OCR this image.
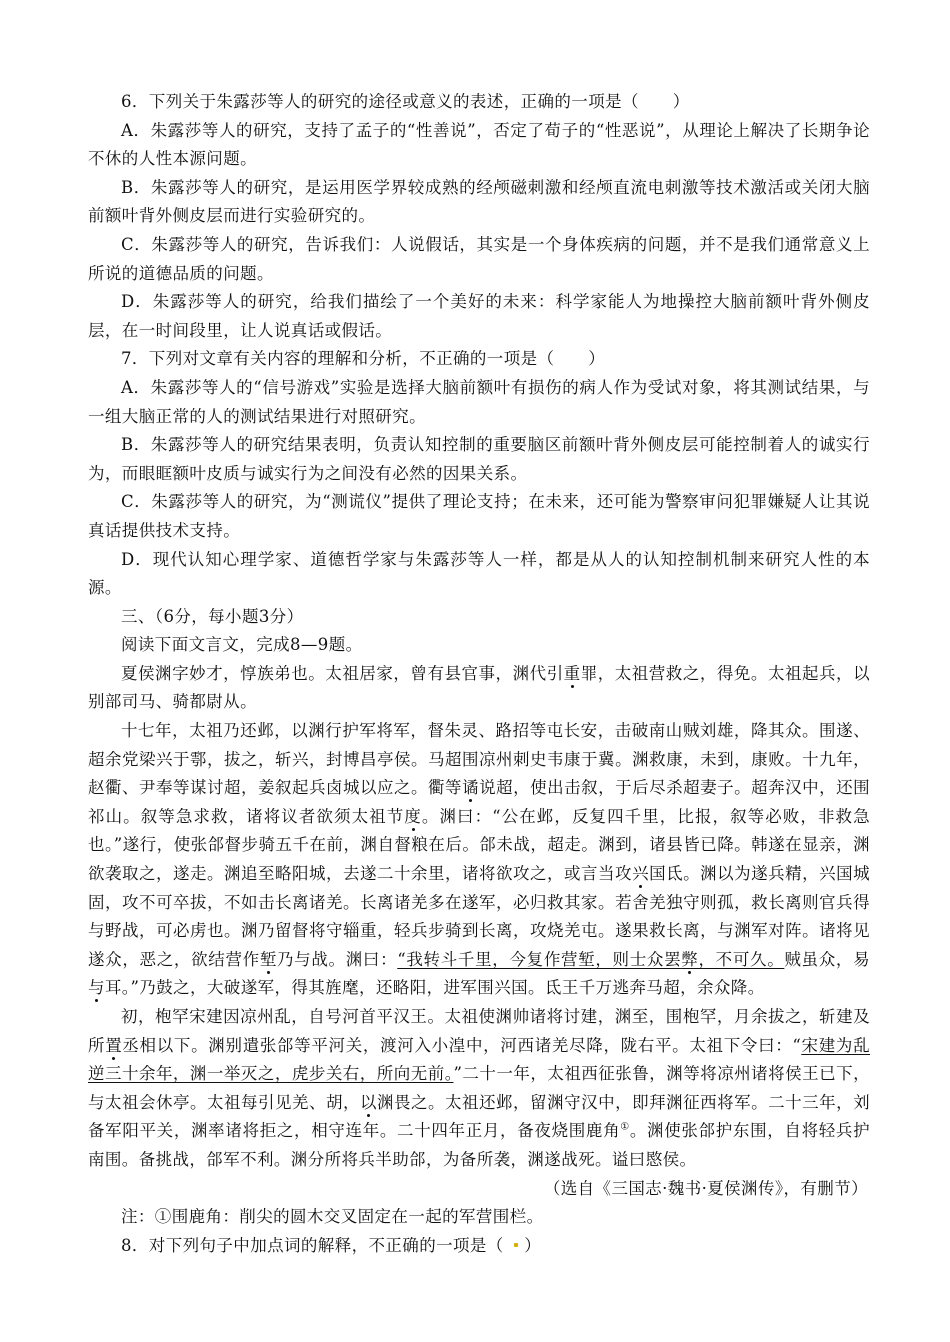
6．下列关于朱露莎等人的研究的途径或意义的表述，正确的一项是（　　）

A．朱露莎等人的研究，支持了孟子的“性善说”，否定了荀子的“性恶说”，从理论上解决了长期争论不休的人性本源问题。

B．朱露莎等人的研究，是运用医学界较成熟的经颅磁刺激和经颅直流电刺激等技术激活或关闭大脑前额叶背外侧皮层而进行实验研究的。

C．朱露莎等人的研究，告诉我们：人说假话，其实是一个身体疾病的问题，并不是我们通常意义上所说的道德品质的问题。

D．朱露莎等人的研究，给我们描绘了一个美好的未来：科学家能人为地操控大脑前额叶背外侧皮层，在一时间段里，让人说真话或假话。

7．下列对文章有关内容的理解和分析，不正确的一项是（　　）

A．朱露莎等人的“信号游戏”实验是选择大脑前额叶有损伤的病人作为受试对象，将其测试结果，与一组大脑正常的人的测试结果进行对照研究。

B．朱露莎等人的研究结果表明，负责认知控制的重要脑区前额叶背外侧皮层可能控制着人的诚实行为，而眼眶额叶皮质与诚实行为之间没有必然的因果关系。

C．朱露莎等人的研究，为“测谎仪”提供了理论支持；在未来，还可能为警察审问犯罪嫌疑人让其说真话提供技术支持。

D．现代认知心理学家、道德哲学家与朱露莎等人一样，都是从人的认知控制机制来研究人性的本源。

三、（6分，每小题3分）

阅读下面文言文，完成8—9题。

夏侯渊字妙才，惇族弟也。太祖居家，曾有县官事，渊代引重罪，太祖营救之，得免。太祖起兵，以别部司马、骑都尉从。

十七年，太祖乃还邺，以渊行护军将军，督朱灵、路招等屯长安，击破南山贼刘雄，降其众。围遂、超余党梁兴于鄠，拔之，斩兴，封博昌亭侯。马超围凉州刺史韦康于冀。渊救康，未到，康败。十九年，赵衢、尹奉等谋讨超，姜叙起兵卤城以应之。衢等谲说超，使出击叙，于后尽杀超妻子。超奔汉中，还围祁山。叙等急求救，诸将议者欲须太祖节度。渊曰：“公在邺，反复四千里，比报，叙等必败，非救急也。”遂行，使张郃督步骑五千在前，渊自督粮在后。郃未战，超走。渊到，诸县皆已降。韩遂在显亲，渊欲袭取之，遂走。渊追至略阳城，去遂二十余里，诸将欲攻之，或言当攻兴国氐。渊以为遂兵精，兴国城固，攻不可卒拔，不如击长离诸羌。长离诸羌多在遂军，必归救其家。若舍羌独守则孤，救长离则官兵得与野战，可必虏也。渊乃留督将守辎重，轻兵步骑到长离，攻烧羌屯。遂果救长离，与渊军对阵。诸将见遂众，恶之，欲结营作堑乃与战。渊曰：“我转斗千里，今复作营堑，则士众罢弊，不可久。贼虽众，易与耳。”乃鼓之，大破遂军，得其旌麾，还略阳，进军围兴国。氐王千万逃奔马超，余众降。

初，枹罕宋建因凉州乱，自号河首平汉王。太祖使渊帅诸将讨建，渊至，围枹罕，月余拔之，斩建及所置丞相以下。渊别遣张郃等平河关，渡河入小湟中，河西诸羌尽降，陇右平。太祖下令曰：“宋建为乱逆三十余年，渊一举灭之，虎步关右，所向无前。”二十一年，太祖西征张鲁，渊等将凉州诸将侯王已下，与太祖会休亭。太祖每引见羌、胡，以渊畏之。太祖还邺，留渊守汉中，即拜渊征西将军。二十三年，刘备军阳平关，渊率诸将拒之，相守连年。二十四年正月，备夜烧围鹿角①。渊使张郃护东围，自将轻兵护南围。备挑战，郃军不利。渊分所将兵半助郃，为备所袭，渊遂战死。谥曰愍侯。

（选自《三国志·魏书·夏侯渊传》，有删节）

注：①围鹿角：削尖的圆木交叉固定在一起的军营围栏。

8．对下列句子中加点词的解释，不正确的一项是（ ）
